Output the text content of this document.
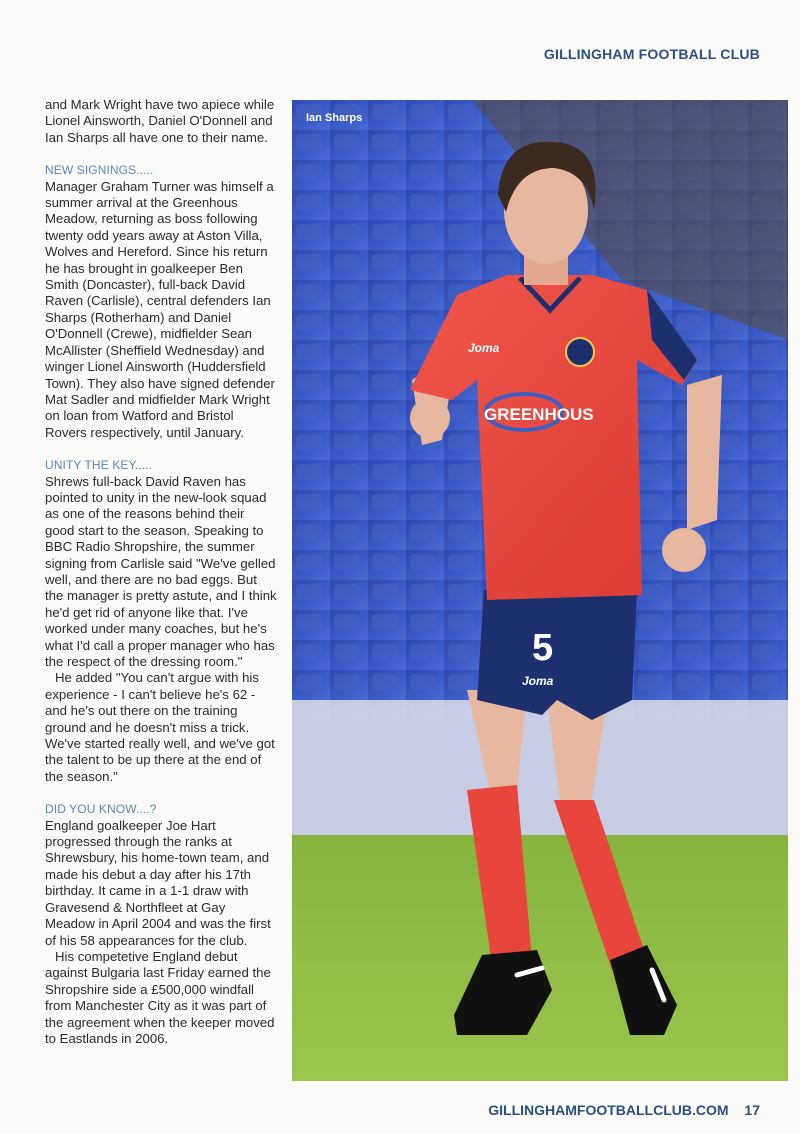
GILLINGHAM FOOTBALL CLUB

and Mark Wright have two apiece while Lionel Ainsworth, Daniel O'Donnell and Ian Sharps all have one to their name.

NEW SIGNINGS.....

Manager Graham Turner was himself a summer arrival at the Greenhous Meadow, returning as boss following twenty odd years away at Aston Villa, Wolves and Hereford. Since his return he has brought in goalkeeper Ben Smith (Doncaster), full-back David Raven (Carlisle), central defenders Ian Sharps (Rotherham) and Daniel O'Donnell (Crewe), midfielder Sean McAllister (Sheffield Wednesday) and winger Lionel Ainsworth (Huddersfield Town). They also have signed defender Mat Sadler and midfielder Mark Wright on loan from Watford and Bristol Rovers respectively, until January.

UNITY THE KEY.....

Shrews full-back David Raven has pointed to unity in the new-look squad as one of the reasons behind their good start to the season. Speaking to BBC Radio Shropshire, the summer signing from Carlisle said "We've gelled well, and there are no bad eggs. But the manager is pretty astute, and I think he'd get rid of anyone like that. I've worked under many coaches, but he's what I'd call a proper manager who has the respect of the dressing room."

He added "You can't argue with his experience - I can't believe he's 62 - and he's out there on the training ground and he doesn't miss a trick. We've started really well, and we've got the talent to be up there at the end of the season."

DID YOU KNOW....?

England goalkeeper Joe Hart progressed through the ranks at Shrewsbury, his home-town team, and made his debut a day after his 17th birthday. It came in a 1-1 draw with Gravesend & Northfleet at Gay Meadow in April 2004 and was the first of his 58 appearances for the club.

His competetive England debut against Bulgaria last Friday earned the Shropshire side a £500,000 windfall from Manchester City as it was part of the agreement when the keeper moved to Eastlands in 2006.

5
Joma
Joma
GREENHOUS
Ian Sharps
GILLINGHAMFOOTBALLCLUB.COM 17
